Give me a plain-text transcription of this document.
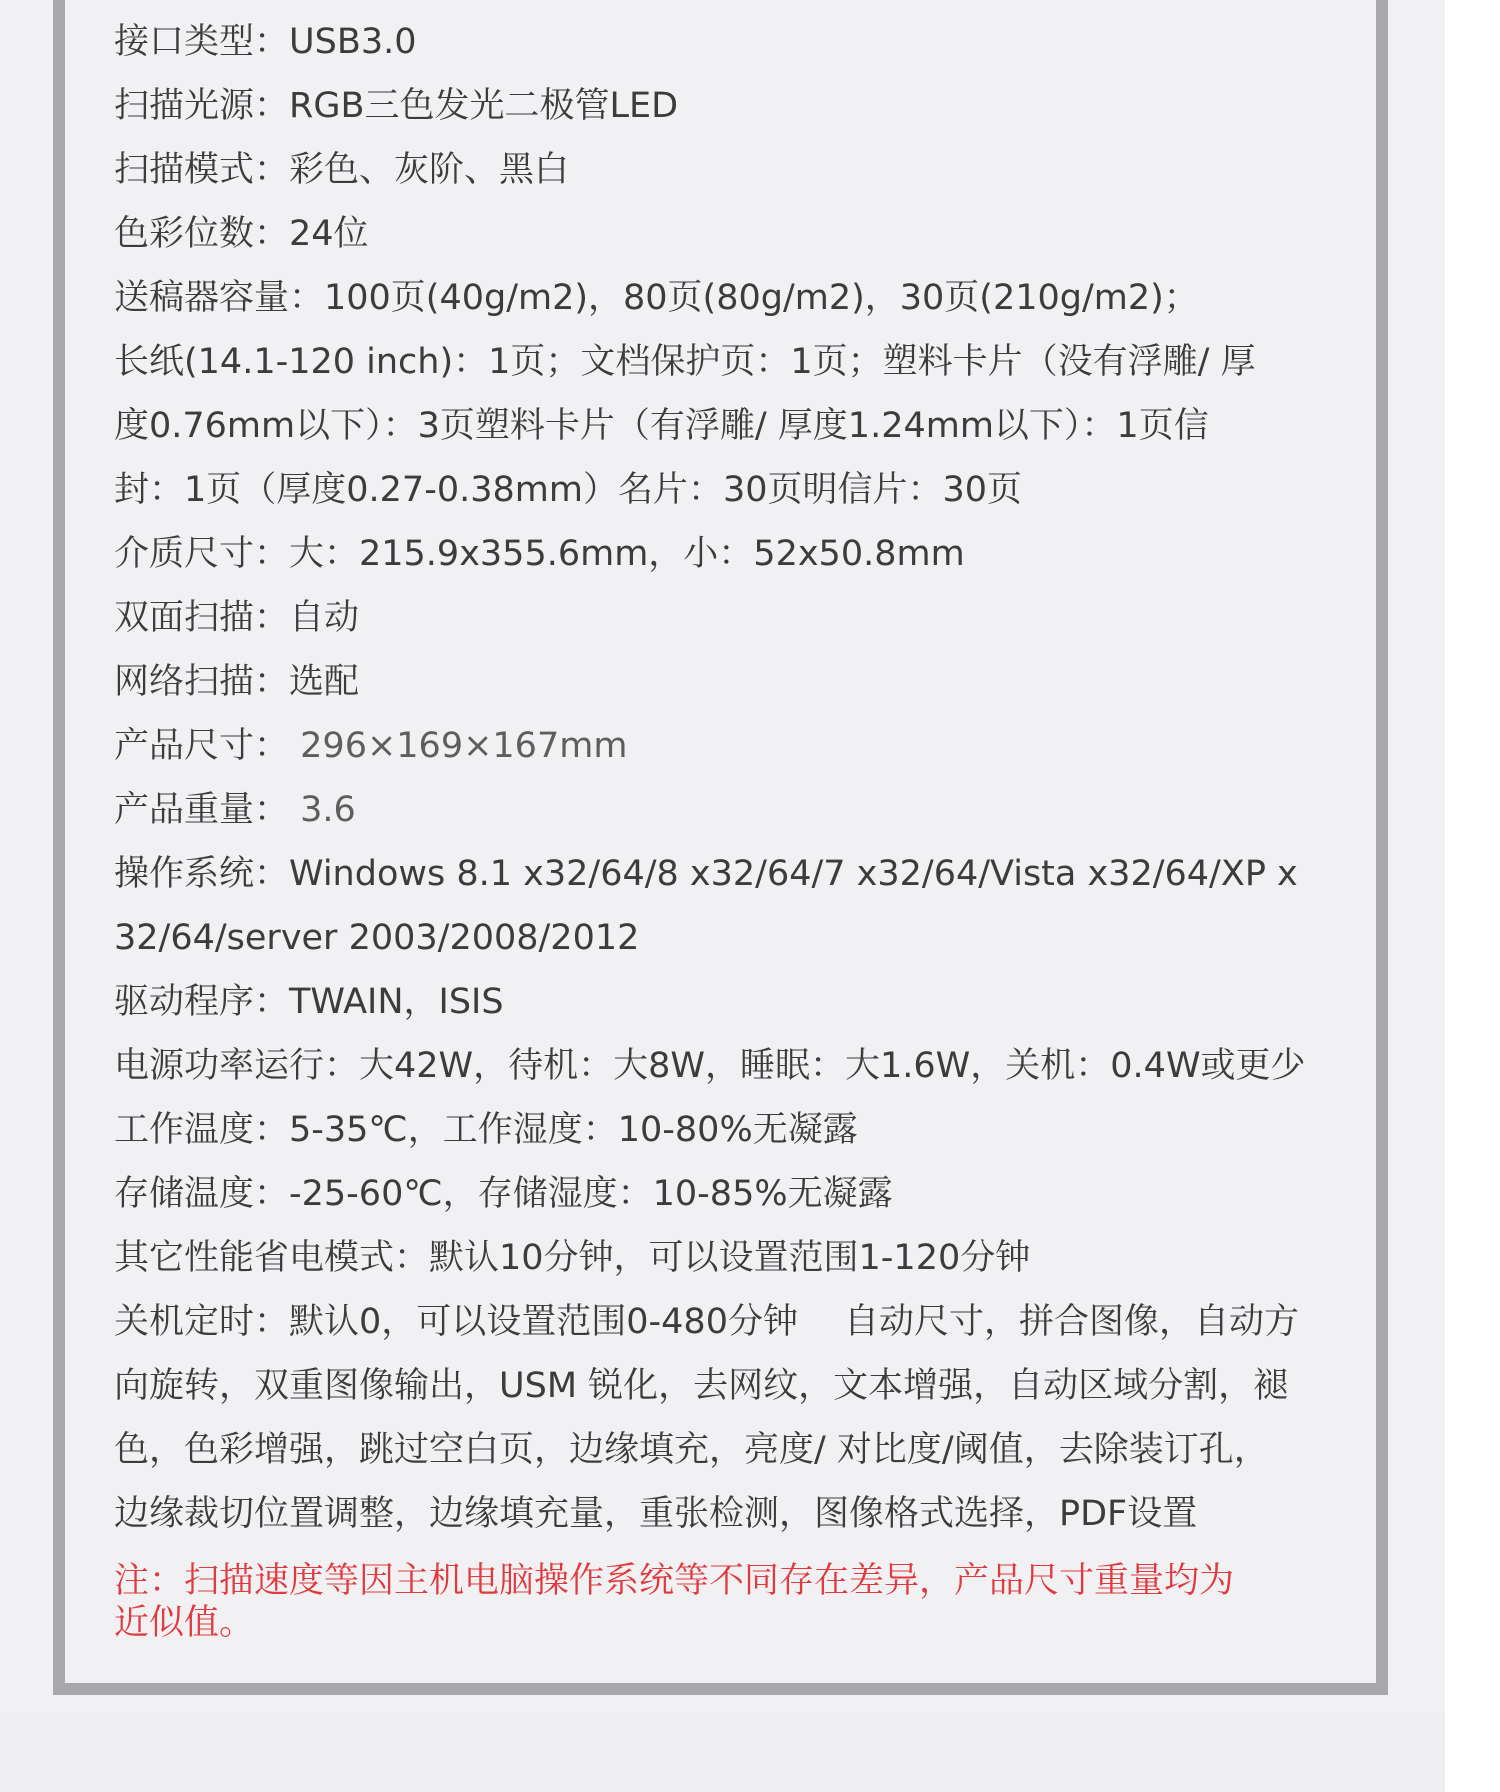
接口类型：USB3.0
扫描光源：RGB三色发光二极管LED
扫描模式：彩色、灰阶、黑白
色彩位数：24位
送稿器容量：100页(40g/m2)，80页(80g/m2)，30页(210g/m2)；
长纸(14.1-120 inch)：1页；文档保护页：1页；塑料卡片（没有浮雕/ 厚
度0.76mm以下）：3页塑料卡片（有浮雕/ 厚度1.24mm以下）：1页信
封：1页（厚度0.27-0.38mm）名片：30页明信片：30页
介质尺寸：大：215.9x355.6mm，小：52x50.8mm
双面扫描：自动
网络扫描：选配
产品尺寸： 296×169×167mm
产品重量： 3.6
操作系统：Windows 8.1 x32/64/8 x32/64/7 x32/64/Vista x32/64/XP x
32/64/server 2003/2008/2012
驱动程序：TWAIN，ISIS
电源功率运行：大42W，待机：大8W，睡眠：大1.6W，关机：0.4W或更少
工作温度：5-35℃，工作湿度：10-80%无凝露
存储温度：-25-60℃，存储湿度：10-85%无凝露
其它性能省电模式：默认10分钟，可以设置范围1-120分钟
关机定时：默认0，可以设置范围0-480分钟 自动尺寸，拼合图像，自动方
向旋转，双重图像输出，USM 锐化，去网纹，文本增强，自动区域分割，褪
色，色彩增强，跳过空白页，边缘填充，亮度/ 对比度/阈值，去除装订孔，
边缘裁切位置调整，边缘填充量，重张检测，图像格式选择，PDF设置
注：扫描速度等因主机电脑操作系统等不同存在差异，产品尺寸重量均为
近似值。
